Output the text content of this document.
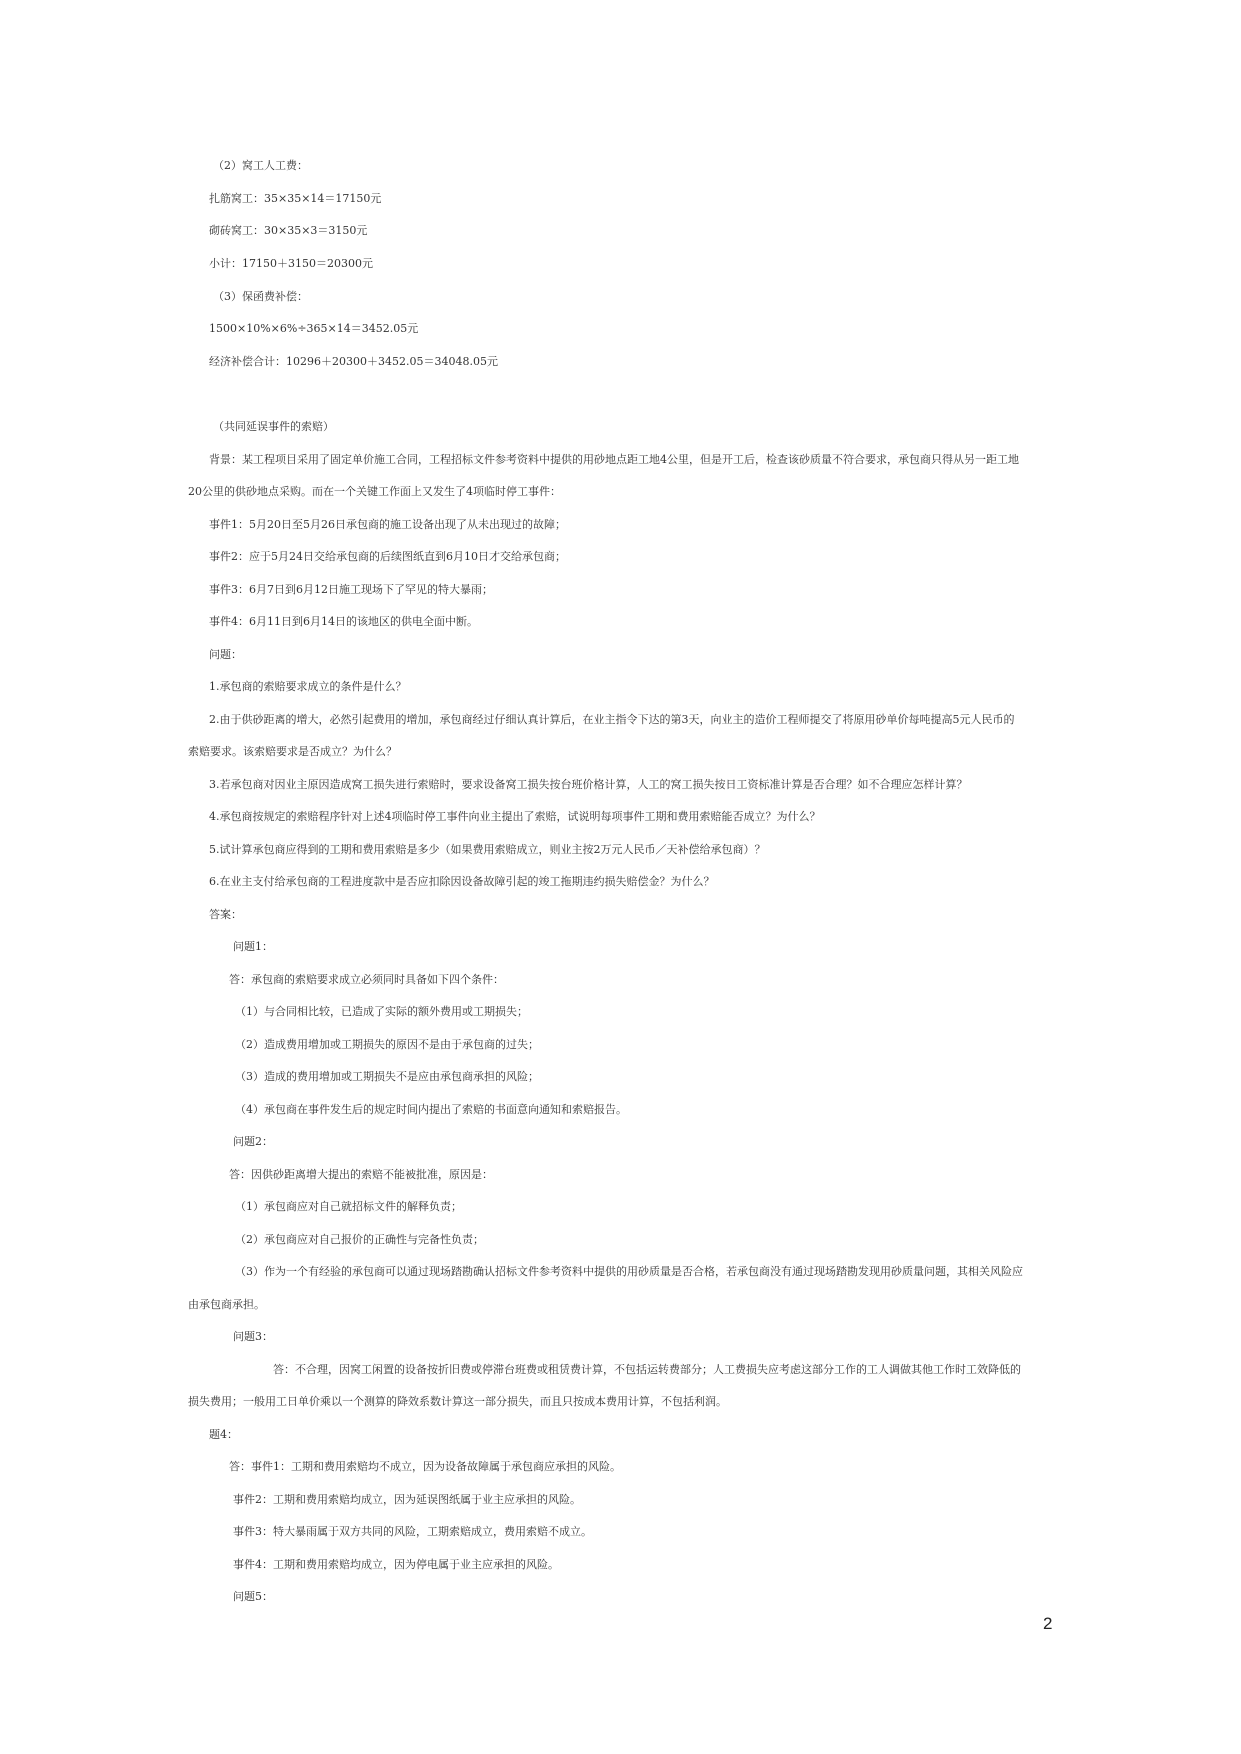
（2）窝工人工费：
扎筋窝工：35×35×14＝17150元
砌砖窝工：30×35×3＝3150元
小计：17150＋3150＝20300元
（3）保函费补偿：
1500×10%×6%÷365×14＝3452.05元
经济补偿合计：10296＋20300＋3452.05＝34048.05元
（共同延误事件的索赔）
背景：某工程项目采用了固定单价施工合同，工程招标文件参考资料中提供的用砂地点距工地4公里，但是开工后，检查该砂质量不符合要求，承包商只得从另一距工地
20公里的供砂地点采购。而在一个关键工作面上又发生了4项临时停工事件：
事件1：5月20日至5月26日承包商的施工设备出现了从未出现过的故障；
事件2：应于5月24日交给承包商的后续图纸直到6月10日才交给承包商；
事件3：6月7日到6月12日施工现场下了罕见的特大暴雨；
事件4：6月11日到6月14日的该地区的供电全面中断。
问题：
1.承包商的索赔要求成立的条件是什么？
2.由于供砂距离的增大，必然引起费用的增加，承包商经过仔细认真计算后，在业主指令下达的第3天，向业主的造价工程师提交了将原用砂单价每吨提高5元人民币的
索赔要求。该索赔要求是否成立？为什么？
3.若承包商对因业主原因造成窝工损失进行索赔时，要求设备窝工损失按台班价格计算，人工的窝工损失按日工资标准计算是否合理？如不合理应怎样计算？
4.承包商按规定的索赔程序针对上述4项临时停工事件向业主提出了索赔，试说明每项事件工期和费用索赔能否成立？为什么？
5.试计算承包商应得到的工期和费用索赔是多少（如果费用索赔成立，则业主按2万元人民币／天补偿给承包商）？
6.在业主支付给承包商的工程进度款中是否应扣除因设备故障引起的竣工拖期违约损失赔偿金？为什么？
答案：
问题1：
答：承包商的索赔要求成立必须同时具备如下四个条件：
（1）与合同相比较，已造成了实际的额外费用或工期损失；
（2）造成费用增加或工期损失的原因不是由于承包商的过失；
（3）造成的费用增加或工期损失不是应由承包商承担的风险；
（4）承包商在事件发生后的规定时间内提出了索赔的书面意向通知和索赔报告。
问题2：
答：因供砂距离增大提出的索赔不能被批准，原因是：
（1）承包商应对自己就招标文件的解释负责；
（2）承包商应对自己报价的正确性与完备性负责；
（3）作为一个有经验的承包商可以通过现场踏勘确认招标文件参考资料中提供的用砂质量是否合格，若承包商没有通过现场踏勘发现用砂质量问题，其相关风险应
由承包商承担。
问题3：
答：不合理，因窝工闲置的设备按折旧费或停滞台班费或租赁费计算，不包括运转费部分；人工费损失应考虑这部分工作的工人调做其他工作时工效降低的
损失费用；一般用工日单价乘以一个测算的降效系数计算这一部分损失，而且只按成本费用计算，不包括利润。
题4：
答：事件1：工期和费用索赔均不成立，因为设备故障属于承包商应承担的风险。
事件2：工期和费用索赔均成立，因为延误图纸属于业主应承担的风险。
事件3：特大暴雨属于双方共同的风险，工期索赔成立，费用索赔不成立。
事件4：工期和费用索赔均成立，因为停电属于业主应承担的风险。
问题5：
2
